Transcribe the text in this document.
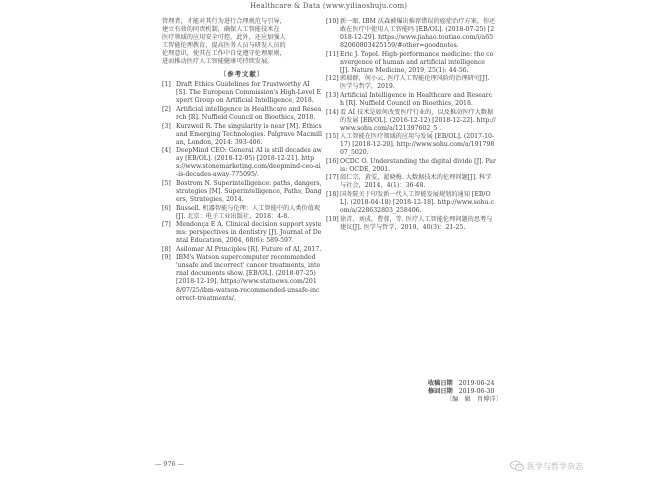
Healthcare & Data (www.yiliaoshuju.com)

管理者，才能对其行为进行合理规范与引导，

建立有效的问责机制，确保人工智能技术在

医疗领域的应用安全可控。此外，还应加强人

工智能伦理教育，提高医务人员与研发人员的

伦理意识，使其在工作中自觉遵守伦理原则，

进而推动医疗人工智能健康可持续发展。

〔参考文献〕
[1] Draft Ethics Guidelines for Trustworthy AI [S]. The European Commission's High-Level Expert Group on Artificial Intelligence, 2018.
[2] Artificial intelligence in Healthcare and Research [R]. Nuffield Council on Bioethics, 2018.
[3] Kurzweil R. The singularity is near [M]. Ethics and Emerging Technologies. Palgrave Macmillan, London, 2014: 393-406.
[4] DeepMind CEO: General AI is still decades away [EB/OL]. (2018-12-05) [2018-12-21]. https://www.stonemarketing.com/deepmind-ceo-ai-is-decades-away-775095/.
[5] Bostrom N. Superintelligence: paths, dangers, strategies [M]. Superintelligence, Paths, Dangers, Strategies, 2014.
[6] Russell. 机器智能与伦理：人工智能中的人类价值观[J]. 北京：电子工业出版社，2018：4-8.
[7] Mendonça E A. Clinical decision support systems: perspectives in dentistry [J]. Journal of Dental Education, 2004, 68(6): 589-597.
[8] Asilomar AI Principles [R]. Future of AI, 2017.
[9] IBM's Watson supercomputer recommended 'unsafe and incorrect' cancer treatments, internal documents show. [EB/OL]. (2018-07-25) [2018-12-19]. https://www.statnews.com/2018/07/25/ibm-watson-recommended-unsafe-incorrect-treatments/.
[10] 新一眼. IBM 沃森被爆出推荐错误的癌症治疗方案。你还敢在医疗中使用人工智能吗 [EB/OL]. (2018-07-25) [2018-12-29]. https://www.jiahao.toutiao.com/i/a6582060803425159/#other=goodnotes.
[11] Eric J. Topol. High-performance medicine: the convergence of human and artificial intelligence [J]. Nature Medicine, 2019, 25(1): 44-56.
[12] 郭瑞群，何小云. 医疗人工智能伦理风险的治理研究[J]. 医学与哲学，2019.
[13] Artificial Intelligence in Healthcare and Research [R]. Nuffield Council on Bioethics, 2018.
[14] 看 AI 技术是如何改变医疗行业的，以及推动医疗大数据的发展 [EB/OL]. (2016-12-12) [2018-12-22]. http://www.sohu.com/a/121397602_5 .
[15] 人工智能在医疗领域的应用与发展 [EB/OL]. (2017-10-17) [2018-12-20]. http://www.sohu.com/a/19179807_5020.
[16] OCDC O. Understanding the digital divide [J]. Paris: OCDE, 2001.
[17] 邱仁宗，黄雯，翟晓梅. 大数据技术的伦理问题[J]. 科学与社会，2014，4(1)：36-48.
[18] 国务院关于印发新一代人工智能发展规划的通知 [EB/OL]. (2018-04-18) [2018-12-18]. http://www.sohu.com/a/228632803_258406.
[19] 徐青，刘成，曹蓉，等. 医疗人工智能伦理问题的思考与建议[J]. 医学与哲学，2019，40(3)：21-25.
收稿日期 2019-06-24
修回日期 2019-06-30
〔编　辑　肖博洋〕
— 976 —	医学与哲学杂志
